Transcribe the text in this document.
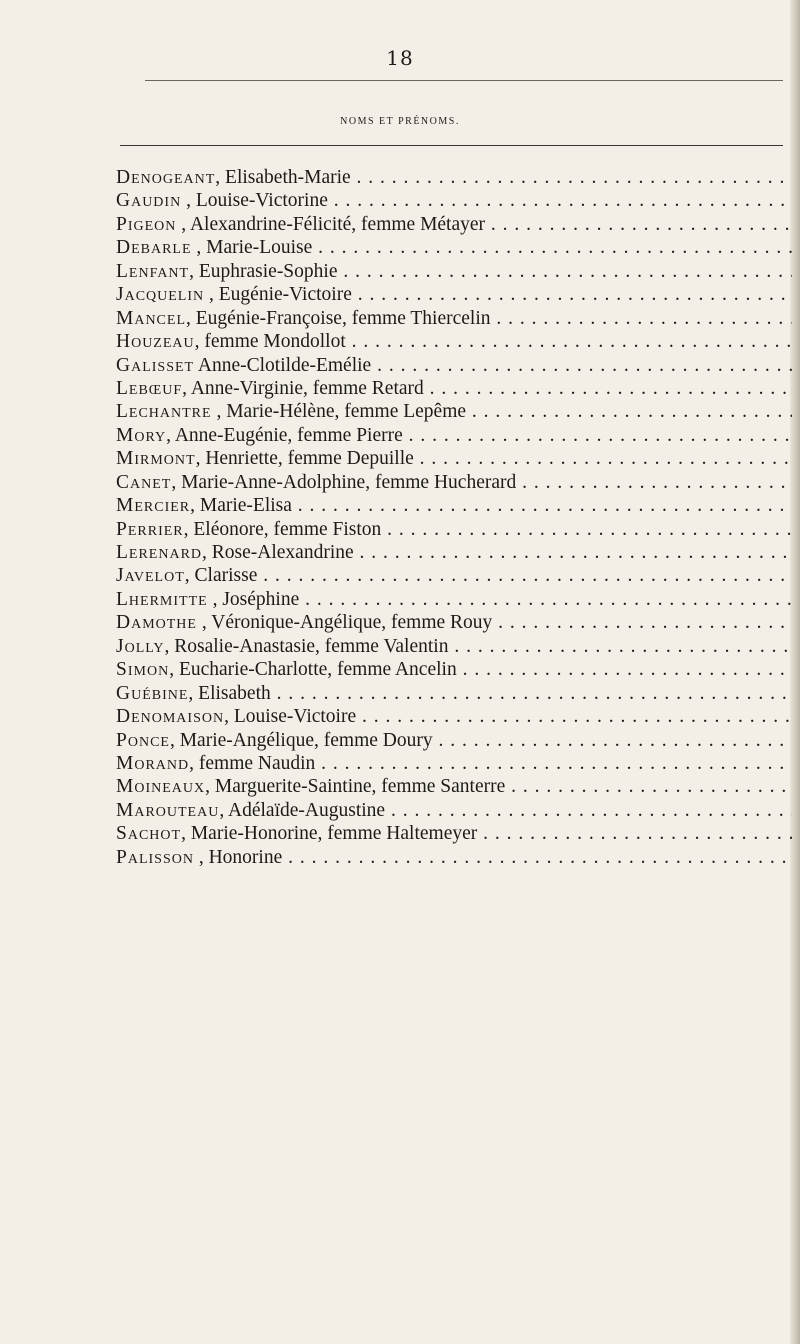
18
NOMS ET PRÉNOMS.
Denogeant, Elisabeth-Marie . . .
Gaudin , Louise-Victorine . . .
Pigeon , Alexandrine-Félicité, femme Métayer . . .
Debarle , Marie-Louise . . .
Lenfant, Euphrasie-Sophie . . .
Jacquelin , Eugénie-Victoire . . .
Mancel, Eugénie-Françoise, femme Thiercelin . . .
Houzeau, femme Mondollot . . .
Galisset Anne-Clotilde-Emélie . . .
Lebœuf, Anne-Virginie, femme Retard . . .
Lechantre , Marie-Hélène, femme Lepême . . .
Mory, Anne-Eugénie, femme Pierre . . .
Mirmont, Henriette, femme Depuille . . .
Canet, Marie-Anne-Adolphine, femme Hucherard . . .
Mercier, Marie-Elisa . . .
Perrier, Eléonore, femme Fiston . . .
Lerenard, Rose-Alexandrine . . .
Javelot, Clarisse . . .
Lhermitte , Joséphine . . .
Damothe , Véronique-Angélique, femme Rouy . . .
Jolly, Rosalie-Anastasie, femme Valentin . . .
Simon, Eucharie-Charlotte, femme Ancelin . . .
Guébine, Elisabeth . . .
Denomaison, Louise-Victoire . . .
Ponce, Marie-Angélique, femme Doury . . .
Morand, femme Naudin . . .
Moineaux, Marguerite-Saintine, femme Santerre . . .
Marouteau, Adélaïde-Augustine . . .
Sachot, Marie-Honorine, femme Haltemeyer . . .
Palisson , Honorine . . .
